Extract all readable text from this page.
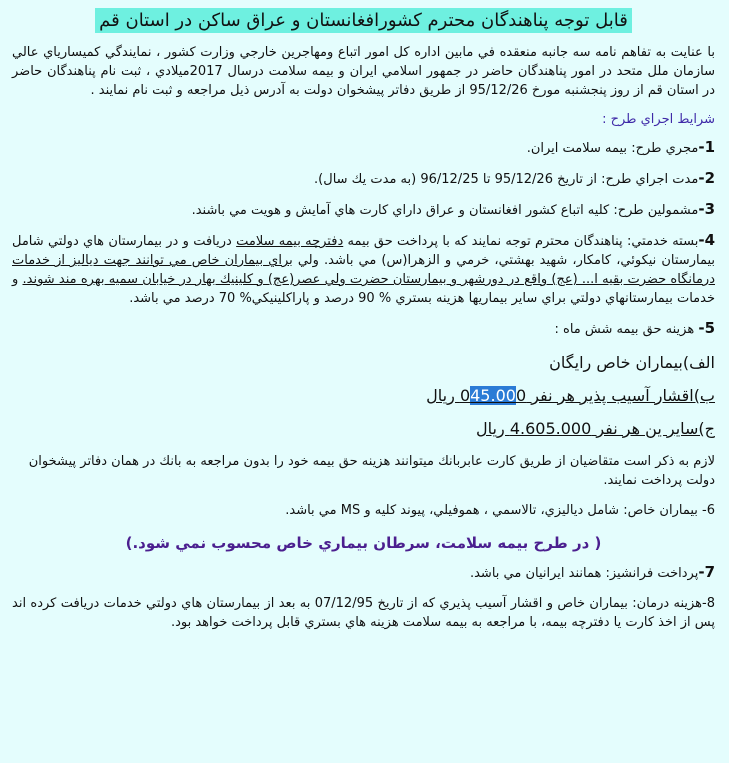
قابل توجه پناهندگان محترم كشورافغانستان و عراق ساكن در استان قم

با عنايت به تفاهم نامه سه جانبه منعقده في مابين اداره كل امور اتباع ومهاجرين خارجي وزارت كشور ، نمايندگي كميسارياي عالي سازمان ملل متحد در امور پناهندگان حاضر در جمهور اسلامي ايران و بيمه سلامت درسال 2017ميلادي ، ثبت نام پناهندگان حاضر در استان قم از روز پنجشنبه مورخ 95/12/26 از طريق دفاتر پيشخوان دولت به آدرس ذيل مراجعه و ثبت نام نمايند .

شرايط اجراي طرح :

1-مجري طرح: بيمه سلامت ايران.

2-مدت اجراي طرح: از تاريخ 95/12/26 تا 96/12/25 (به مدت يك سال).

3-مشمولين طرح: كليه اتباع كشور افغانستان و عراق داراي كارت هاي آمايش و هويت مي باشند.

4-بسته خدمتي: پناهندگان محترم توجه نمايند كه با پرداخت حق بيمه دفترچه بيمه سلامت دريافت و در بيمارستان هاي دولتي شامل بيمارستان نيكوئي، كامكار، شهيد بهشتي، خرمي و الزهرا(س) مي باشد. ولي براي بيماران خاص مي توانند جهت دياليز از خدمات درمانگاه حضرت بقيه ا... (عج) واقع در دورشهر و بيمارستان حضرت ولي عصر(عج) و كلينيك بهار در خيابان سميه بهره مند شوند. و خدمات بيمارستانهاي دولتي براي ساير بيماريها هزينه بستري % 90 درصد و پاراكلينيكي% 70 درصد مي باشد.

5- هزينه حق بيمه شش ماه :

الف)بيماران خاص رايگان

ب)اقشار آسيب پذير هر نفر 045.000 ريال

ج)ساير ين هر نفر 4.605.000 ريال

لازم به ذكر است متقاضيان از طريق كارت عابربانك ميتوانند هزينه حق بيمه خود را بدون مراجعه به بانك در همان دفاتر پيشخوان دولت پرداخت نمايند.

6- بيماران خاص: شامل دياليزي، تالاسمي ، هموفيلي، پيوند كليه و MS مي باشد.

( در طرح بيمه سلامت، سرطان بيماري خاص محسوب نمي شود.)

7-پرداخت فرانشيز: همانند ايرانيان مي باشد.

8-هزينه درمان: بيماران خاص و اقشار آسيب پذيري كه از تاريخ 07/12/95 به بعد از بيمارستان هاي دولتي خدمات دريافت كرده اند پس از اخذ كارت يا دفترچه بيمه، با مراجعه به بيمه سلامت هزينه هاي بستري قابل پرداخت خواهد بود.
